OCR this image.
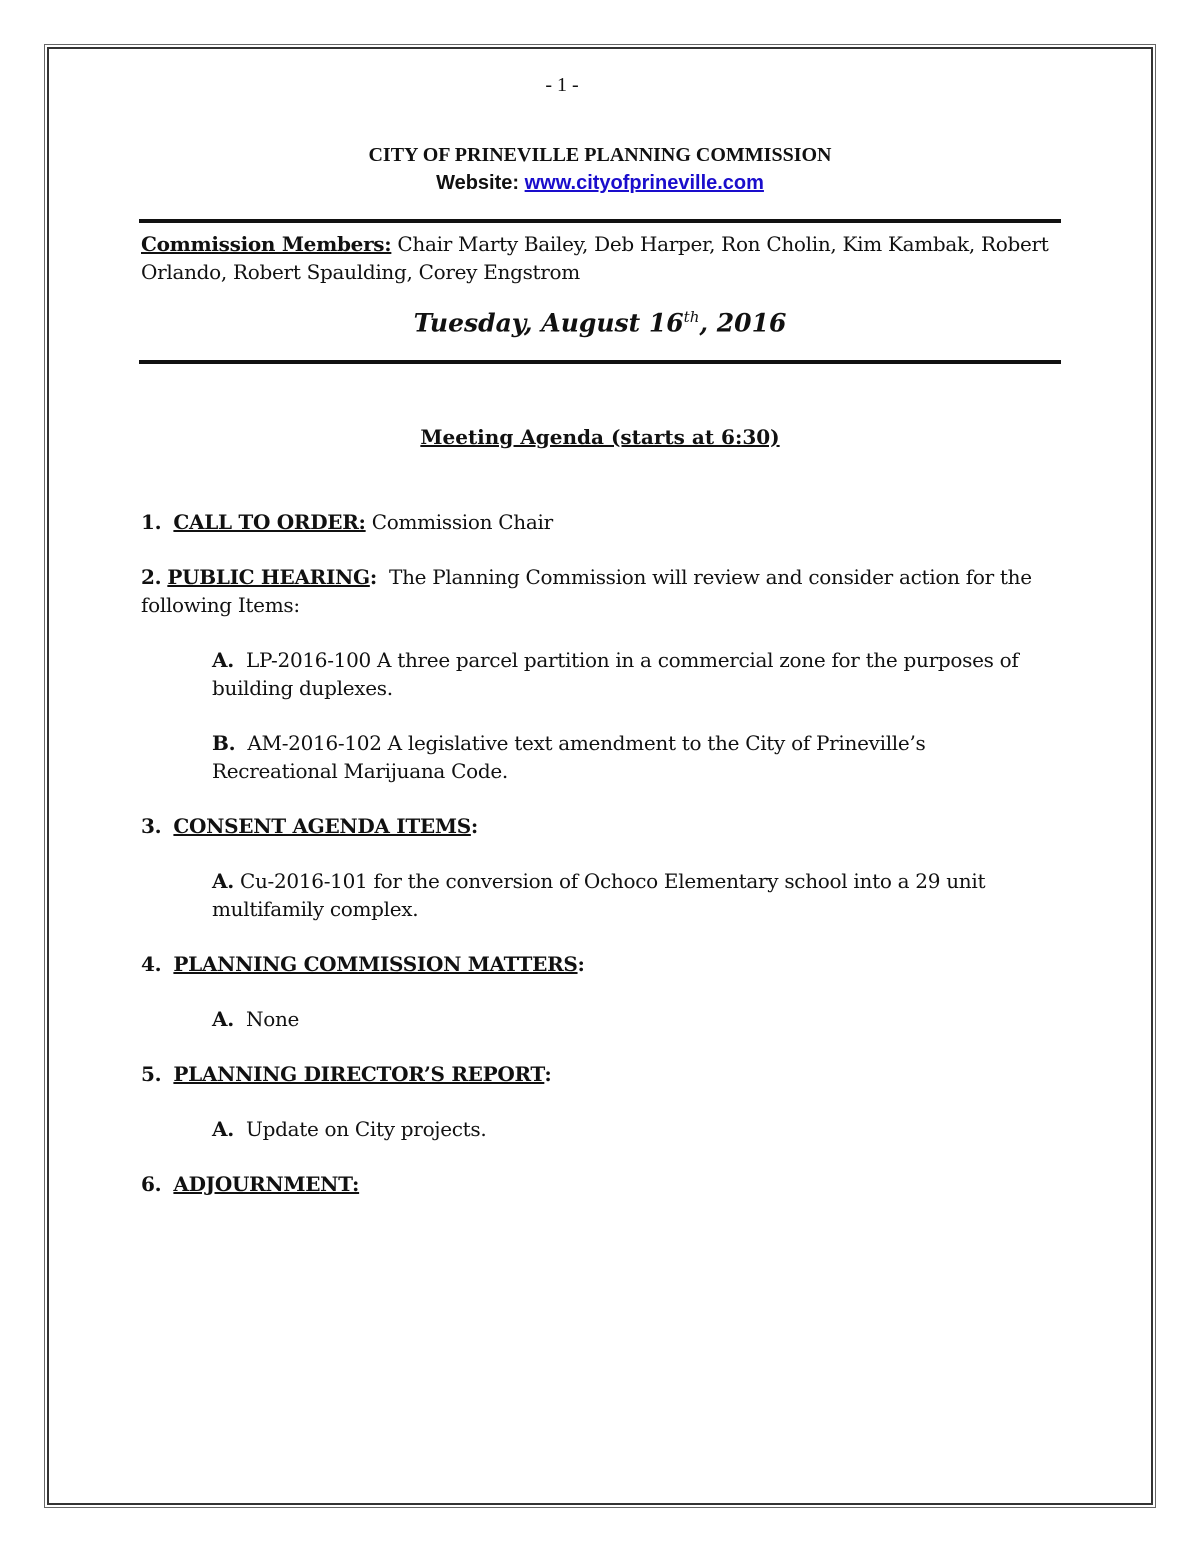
- 1 -
CITY OF PRINEVILLE PLANNING COMMISSION
Website: www.cityofprineville.com
Commission Members: Chair Marty Bailey, Deb Harper, Ron Cholin, Kim Kambak, Robert Orlando, Robert Spaulding, Corey Engstrom
Tuesday, August 16th, 2016
Meeting Agenda (starts at 6:30)
1. CALL TO ORDER: Commission Chair
2. PUBLIC HEARING: The Planning Commission will review and consider action for the following Items:
A. LP-2016-100 A three parcel partition in a commercial zone for the purposes of building duplexes.
B. AM-2016-102 A legislative text amendment to the City of Prineville’s Recreational Marijuana Code.
3. CONSENT AGENDA ITEMS:
A. Cu-2016-101 for the conversion of Ochoco Elementary school into a 29 unit multifamily complex.
4. PLANNING COMMISSION MATTERS:
A. None
5. PLANNING DIRECTOR’S REPORT:
A. Update on City projects.
6. ADJOURNMENT:
